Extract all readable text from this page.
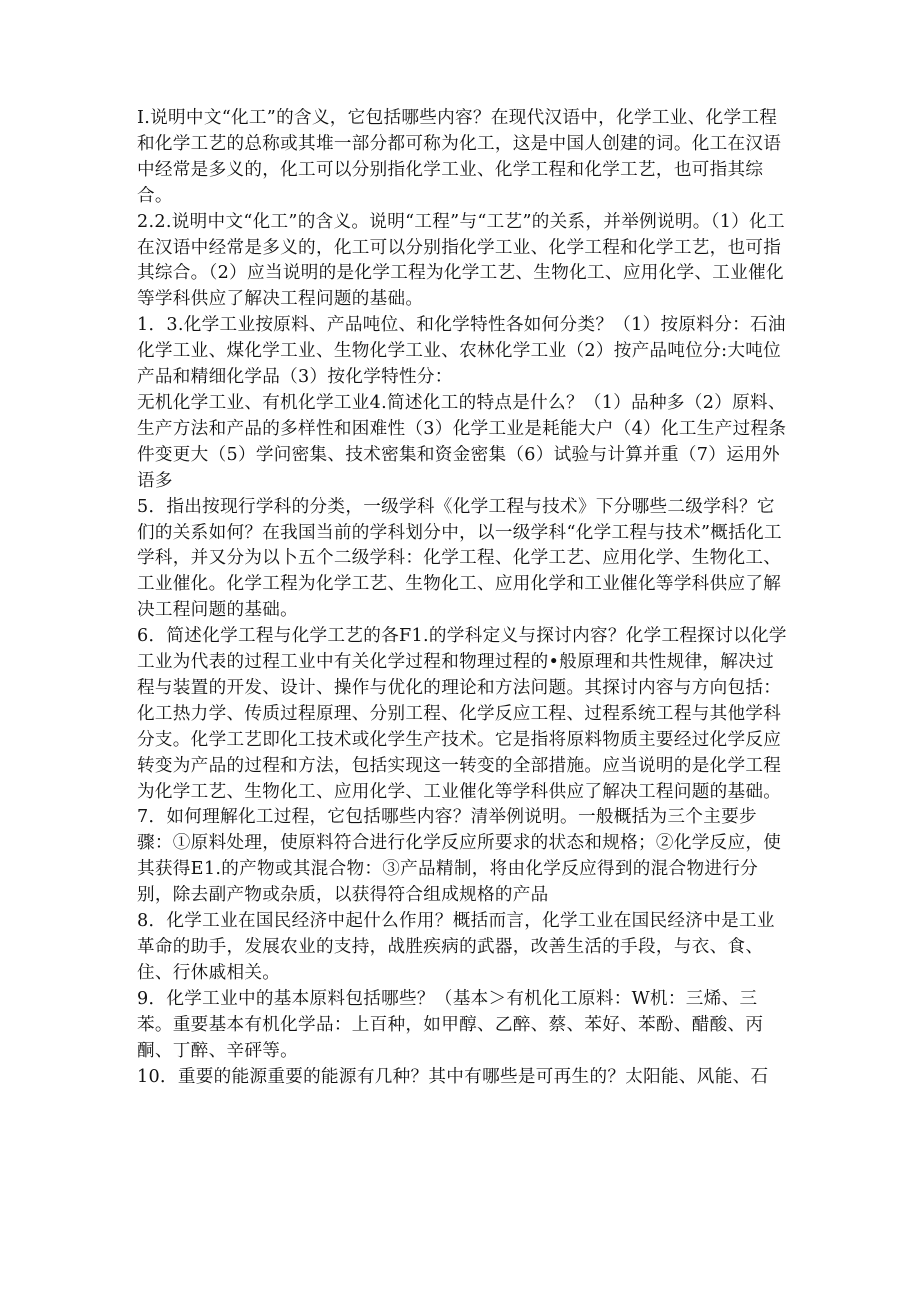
I.说明中文“化工”的含义，它包括哪些内容？在现代汉语中，化学工业、化学工程和化学工艺的总称或其堆一部分都可称为化工，这是中国人创建的词。化工在汉语中经常是多义的，化工可以分别指化学工业、化学工程和化学工艺，也可指其综合。

2.2.说明中文“化工”的含义。说明“工程”与“工艺”的关系，并举例说明。（1）化工在汉语中经常是多义的，化工可以分别指化学工业、化学工程和化学工艺，也可指其综合。（2）应当说明的是化学工程为化学工艺、生物化工、应用化学、工业催化等学科供应了解决工程问题的基础。

1．3.化学工业按原料、产品吨位、和化学特性各如何分类？（1）按原料分：石油化学工业、煤化学工业、生物化学工业、农林化学工业（2）按产品吨位分:大吨位产品和精细化学品（3）按化学特性分：

无机化学工业、有机化学工业4.简述化工的特点是什么？（1）品种多（2）原料、生产方法和产品的多样性和困难性（3）化学工业是耗能大户（4）化工生产过程条件变更大（5）学问密集、技术密集和资金密集（6）试验与计算并重（7）运用外语多

5．指出按现行学科的分类，一级学科《化学工程与技术》下分哪些二级学科？它们的关系如何？在我国当前的学科划分中，以一级学科“化学工程与技术”概括化工学科，并又分为以卜五个二级学科：化学工程、化学工艺、应用化学、生物化工、工业催化。化学工程为化学工艺、生物化工、应用化学和工业催化等学科供应了解决工程问题的基础。

6．简述化学工程与化学工艺的各F1.的学科定义与探讨内容？化学工程探讨以化学工业为代表的过程工业中有关化学过程和物理过程的•般原理和共性规律，解决过程与装置的开发、设计、操作与优化的理论和方法问题。其探讨内容与方向包括：化工热力学、传质过程原理、分别工程、化学反应工程、过程系统工程与其他学科分支。化学工艺即化工技术或化学生产技术。它是指将原料物质主要经过化学反应转变为产品的过程和方法，包括实现这一转变的全部措施。应当说明的是化学工程为化学工艺、生物化工、应用化学、工业催化等学科供应了解决工程问题的基础。

7．如何理解化工过程，它包括哪些内容？清举例说明。一般概括为三个主要步骤：①原料处理，使原料符合进行化学反应所要求的状态和规格；②化学反应，使其获得E1.的产物或其混合物：③产品精制，将由化学反应得到的混合物进行分别，除去副产物或杂质，以获得符合组成规格的产品

8．化学工业在国民经济中起什么作用？概括而言，化学工业在国民经济中是工业革命的助手，发展农业的支持，战胜疾病的武器，改善生活的手段，与衣、食、住、行休戚相关。

9．化学工业中的基本原料包括哪些？（基本＞有机化工原料：W机：三烯、三苯。重要基本有机化学品：上百种，如甲醇、乙醉、蔡、苯好、苯酚、醋酸、丙酮、丁醉、辛砰等。

10．重要的能源重要的能源有几种？其中有哪些是可再生的？太阳能、风能、石
